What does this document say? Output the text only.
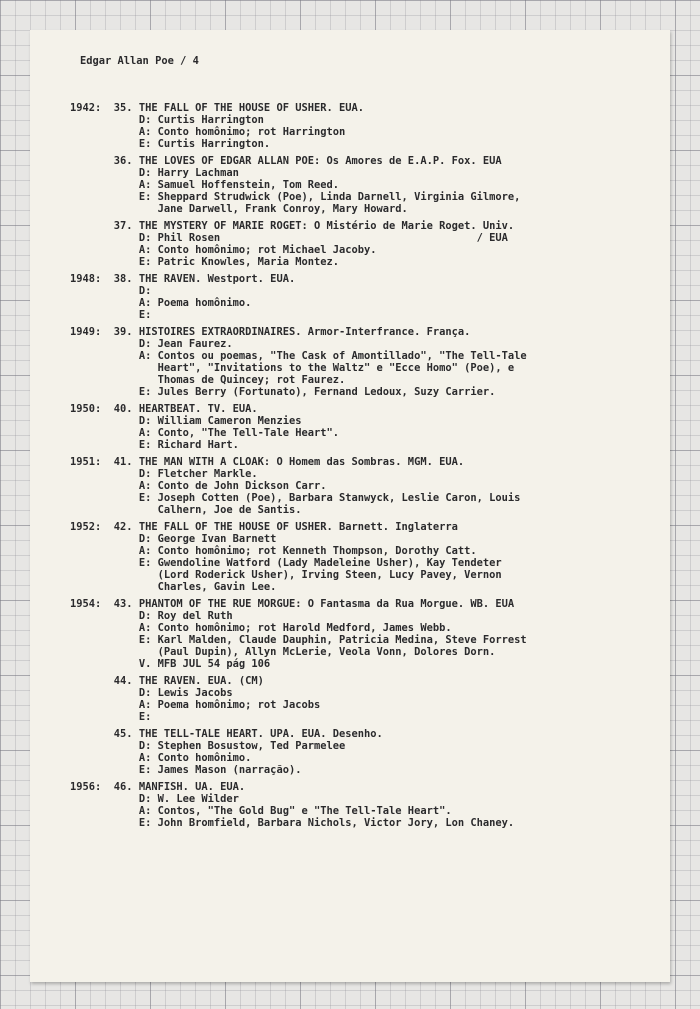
Edgar Allan Poe / 4

1942:  35. THE FALL OF THE HOUSE OF USHER. EUA.

D: Curtis Harrington

A: Conto homônimo; rot Harrington

E: Curtis Harrington.

36. THE LOVES OF EDGAR ALLAN POE: Os Amores de E.A.P. Fox. EUA

D: Harry Lachman

A: Samuel Hoffenstein, Tom Reed.

E: Sheppard Strudwick (Poe), Linda Darnell, Virginia Gilmore,

Jane Darwell, Frank Conroy, Mary Howard.

37. THE MYSTERY OF MARIE ROGET: O Mistério de Marie Roget. Univ.

D: Phil Rosen                                         / EUA

A: Conto homônimo; rot Michael Jacoby.

E: Patric Knowles, Maria Montez.

1948:  38. THE RAVEN. Westport. EUA.

D:

A: Poema homônimo.

E:

1949:  39. HISTOIRES EXTRAORDINAIRES. Armor-Interfrance. França.

D: Jean Faurez.

A: Contos ou poemas, "The Cask of Amontillado", "The Tell-Tale

Heart", "Invitations to the Waltz" e "Ecce Homo" (Poe), e

Thomas de Quincey; rot Faurez.

E: Jules Berry (Fortunato), Fernand Ledoux, Suzy Carrier.

1950:  40. HEARTBEAT. TV. EUA.

D: William Cameron Menzies

A: Conto, "The Tell-Tale Heart".

E: Richard Hart.

1951:  41. THE MAN WITH A CLOAK: O Homem das Sombras. MGM. EUA.

D: Fletcher Markle.

A: Conto de John Dickson Carr.

E: Joseph Cotten (Poe), Barbara Stanwyck, Leslie Caron, Louis

Calhern, Joe de Santis.

1952:  42. THE FALL OF THE HOUSE OF USHER. Barnett. Inglaterra

D: George Ivan Barnett

A: Conto homônimo; rot Kenneth Thompson, Dorothy Catt.

E: Gwendoline Watford (Lady Madeleine Usher), Kay Tendeter

(Lord Roderick Usher), Irving Steen, Lucy Pavey, Vernon

Charles, Gavin Lee.

1954:  43. PHANTOM OF THE RUE MORGUE: O Fantasma da Rua Morgue. WB. EUA

D: Roy del Ruth

A: Conto homônimo; rot Harold Medford, James Webb.

E: Karl Malden, Claude Dauphin, Patricia Medina, Steve Forrest

(Paul Dupin), Allyn McLerie, Veola Vonn, Dolores Dorn.

V. MFB JUL 54 pág 106

44. THE RAVEN. EUA. (CM)

D: Lewis Jacobs

A: Poema homônimo; rot Jacobs

E:

45. THE TELL-TALE HEART. UPA. EUA. Desenho.

D: Stephen Bosustow, Ted Parmelee

A: Conto homônimo.

E: James Mason (narração).

1956:  46. MANFISH. UA. EUA.

D: W. Lee Wilder

A: Contos, "The Gold Bug" e "The Tell-Tale Heart".

E: John Bromfield, Barbara Nichols, Victor Jory, Lon Chaney.
